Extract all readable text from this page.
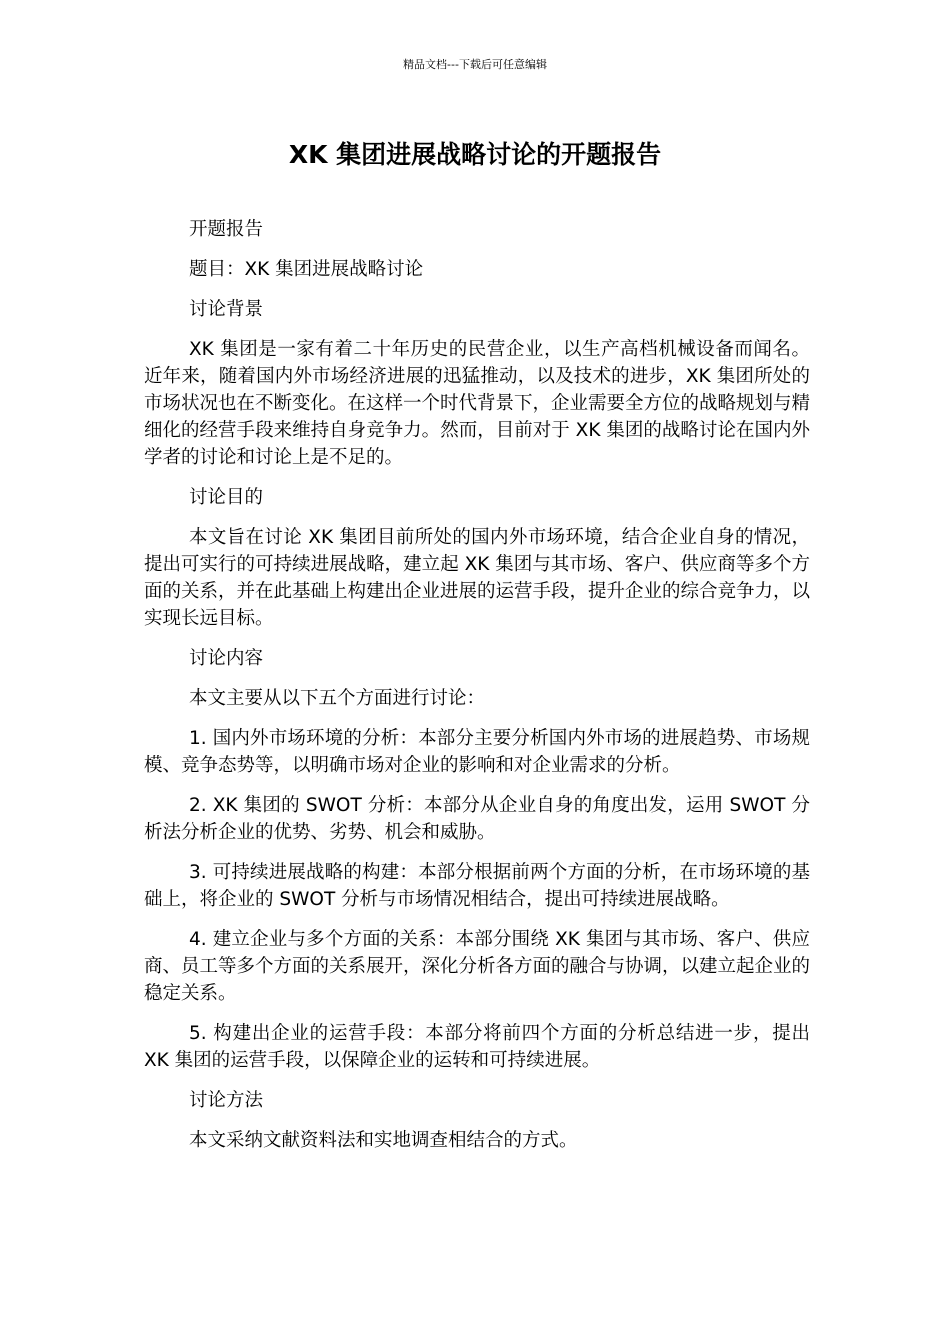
精品文档---下载后可任意编辑
XK 集团进展战略讨论的开题报告

开题报告

题目：XK 集团进展战略讨论

讨论背景

XK 集团是一家有着二十年历史的民营企业，以生产高档机械设备而闻名。近年来，随着国内外市场经济进展的迅猛推动，以及技术的进步，XK 集团所处的市场状况也在不断变化。在这样一个时代背景下，企业需要全方位的战略规划与精细化的经营手段来维持自身竞争力。然而，目前对于 XK 集团的战略讨论在国内外学者的讨论和讨论上是不足的。

讨论目的

本文旨在讨论 XK 集团目前所处的国内外市场环境，结合企业自身的情况，提出可实行的可持续进展战略，建立起 XK 集团与其市场、客户、供应商等多个方面的关系，并在此基础上构建出企业进展的运营手段，提升企业的综合竞争力，以实现长远目标。

讨论内容

本文主要从以下五个方面进行讨论：

1. 国内外市场环境的分析：本部分主要分析国内外市场的进展趋势、市场规模、竞争态势等，以明确市场对企业的影响和对企业需求的分析。

2. XK 集团的 SWOT 分析：本部分从企业自身的角度出发，运用 SWOT 分析法分析企业的优势、劣势、机会和威胁。

3. 可持续进展战略的构建：本部分根据前两个方面的分析，在市场环境的基础上，将企业的 SWOT 分析与市场情况相结合，提出可持续进展战略。

4. 建立企业与多个方面的关系：本部分围绕 XK 集团与其市场、客户、供应商、员工等多个方面的关系展开，深化分析各方面的融合与协调，以建立起企业的稳定关系。

5. 构建出企业的运营手段：本部分将前四个方面的分析总结进一步，提出 XK 集团的运营手段，以保障企业的运转和可持续进展。

讨论方法

本文采纳文献资料法和实地调查相结合的方式。
